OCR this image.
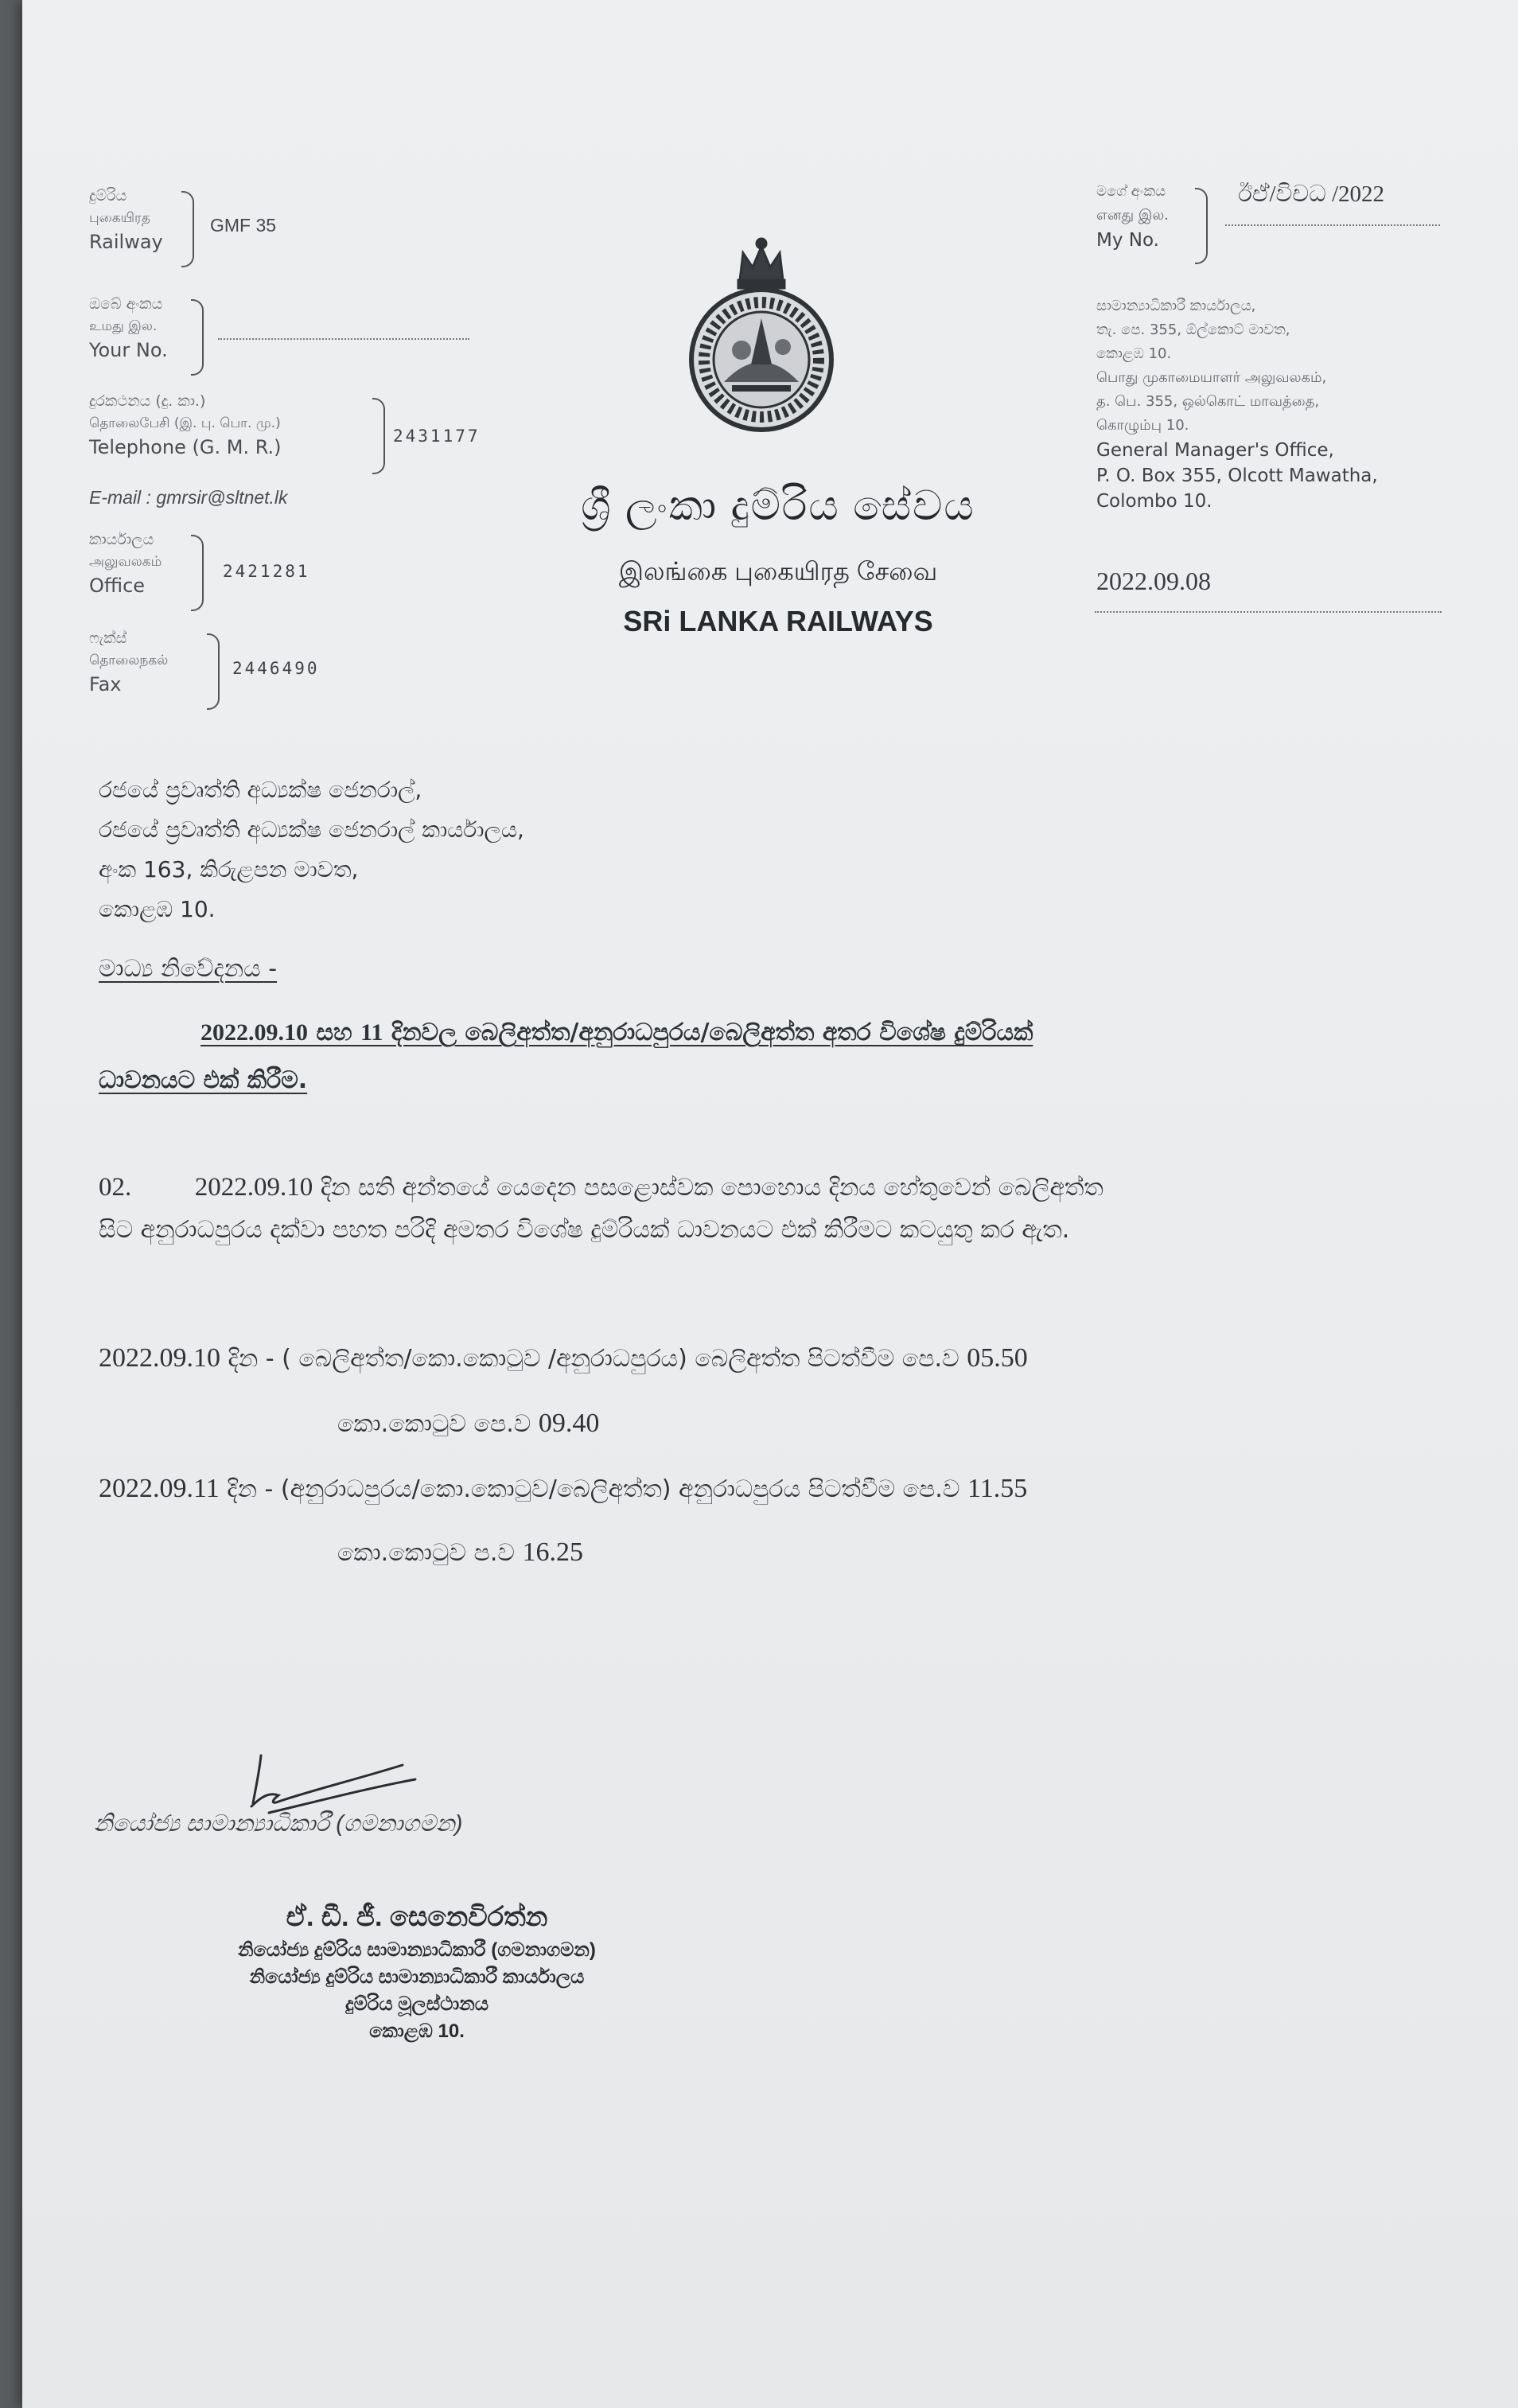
දුම්රිය
புகையிரத
Railway
GMF 35
ඔබේ අංකය
உமது இல.
Your No.
දුරකථනය (දු. කා.)
தொலைபேசி (இ. பு. பொ. மு.)
Telephone (G. M. R.)	2431177
E-mail : gmrsir@sltnet.lk
කාර්යාලය
அலுவலகம்
Office
2421281
ෆැක්ස්
தொலைநகல்
Fax
2446490
ශ්‍රී ලංකා දුම්රිය සේවය
இலங்கை புகையிரத சேவை
SRi LANKA RAILWAYS
මගේ අංකය
எனது இல.
My No.
ඊඒ/විචධ /2022
සාමාන්‍යාධිකාරී කාර්යාලය,
තැ. පෙ. 355, ඕල්කොට් මාවත,
කොළඹ 10.
பொது முகாமையாளர் அலுவலகம்,
த. பெ. 355, ஒல்கொட் மாவத்தை,
கொழும்பு 10.
General Manager's Office,
P. O. Box 355, Olcott Mawatha,
Colombo 10.
2022.09.08
රජයේ ප්‍රවෘත්ති අධ්‍යක්ෂ ජෙනරාල්,
රජයේ ප්‍රවෘත්ති අධ්‍යක්ෂ ජෙනරාල් කාර්යාලය,
අංක 163, කිරුළපන මාවත,
කොළඹ 10.
මාධ්‍ය නිවේදනය -
2022.09.10 සහ 11 දිනවල බෙලිඅත්ත/අනුරාධපුරය/බෙලිඅත්ත අතර විශේෂ දුම්රියක්
ධාවනයට එක් කිරීම.
02. 2022.09.10 දින සති අන්තයේ යෙදෙන පසළොස්වක පොහොය දිනය හේතුවෙන් බෙලිඅත්ත
සිට අනුරාධපුරය දක්වා පහත පරිදි අමතර විශේෂ දුම්රියක් ධාවනයට එක් කිරීමට කටයුතු කර ඇත.
2022.09.10 දින - ( බෙලිඅත්ත/කො.කොටුව /අනුරාධපුරය) බෙලිඅත්ත පිටත්වීම පෙ.ව 05.50
කො.කොටුව පෙ.ව 09.40
2022.09.11 දින - (අනුරාධපුරය/කො.කොටුව/බෙලිඅත්ත) අනුරාධපුරය පිටත්වීම පෙ.ව 11.55
කො.කොටුව ප.ව 16.25
නියෝජ්‍ය සාමාන්‍යාධිකාරී (ගමනාගමන)
ඒ. ඩී. ජී. සෙනෙවිරත්න
නියෝජ්‍ය දුම්රිය සාමාන්‍යාධිකාරී (ගමනාගමන)
නියෝජ්‍ය දුම්රිය සාමාන්‍යාධිකාරී කාර්යාලය
දුම්රිය මූලස්ථානය
කොළඹ 10.
